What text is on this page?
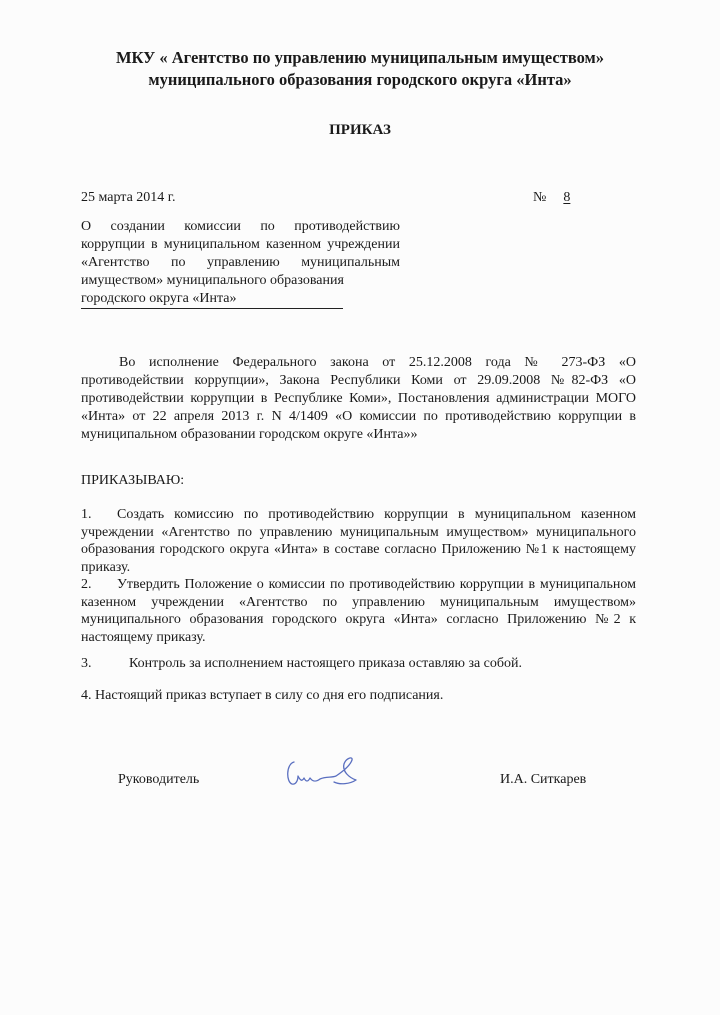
МКУ « Агентство по управлению муниципальным имуществом»
муниципального образования городского округа «Инта»
ПРИКАЗ
25 марта 2014 г.	№ 8

О создании комиссии по противодействию коррупции в муниципальном казенном учреждении «Агентство по управлению муниципальным имуществом» муниципального образования

городского округа «Инта»

Во исполнение Федерального закона от 25.12.2008 года № 273-ФЗ «О противодействии коррупции», Закона Республики Коми от 29.09.2008 №82-ФЗ «О противодействии коррупции в Республике Коми», Постановления администрации МОГО «Инта» от 22 апреля 2013 г. N 4/1409 «О комиссии по противодействию коррупции в муниципальном образовании городском округе «Инта»»

ПРИКАЗЫВАЮ:

1. Создать комиссию по противодействию коррупции в муниципальном казенном учреждении «Агентство по управлению муниципальным имуществом» муниципального образования городского округа «Инта» в составе согласно Приложению №1 к настоящему приказу.

2. Утвердить Положение о комиссии по противодействию коррупции в муниципальном казенном учреждении «Агентство по управлению муниципальным имуществом» муниципального образования городского округа «Инта» согласно Приложению №2 к настоящему приказу.

3.	Контроль за исполнением настоящего приказа оставляю за собой.
4. Настоящий приказ вступает в силу со дня его подписания.
Руководитель	И.А. Ситкарев
